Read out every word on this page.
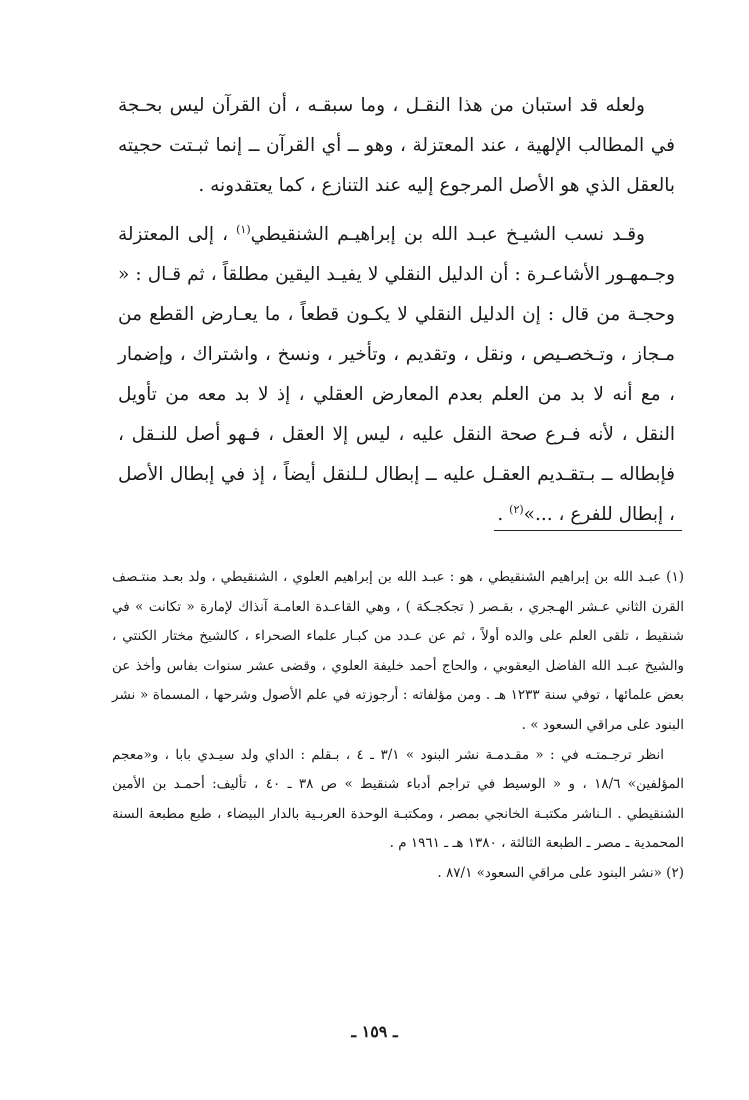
ولعله قد استبان من هذا النقـل ، وما سبقـه ، أن القرآن ليس بحـجة في المطالب الإلهية ، عند المعتزلة ، وهو ــ أي القرآن ــ إنما ثبـتت حجيته بالعقل الذي هو الأصل المرجوع إليه عند التنازع ، كما يعتقدونه .

وقـد نسب الشيـخ عبـد الله بن إبراهيـم الشنقيطي$^{(١)}$ ، إلى المعتزلة وجـمهـور الأشاعـرة : أن الدليل النقلي لا يفيـد اليقين مطلقاً ، ثم قـال : « وحجـة من قال : إن الدليل النقلي لا يكـون قطعاً ، ما يعـارض القطع من مـجاز ، وتـخصـيص ، ونقل ، وتقديم ، وتأخير ، ونسخ ، واشتراك ، وإضمار ، مع أنه لا بد من العلم بعدم المعارض العقلي ، إذ لا بد معه من تأويل النقل ، لأنه فـرع صحة النقل عليه ، ليس إلا العقل ، فـهو أصل للنـقل ، فإبطاله ــ بـتقـديم العقـل عليه ــ إبطال لـلنقل أيضاً ، إذ في إبطال الأصل ، إبطال للفرع ، ...»$^{(٢)}$ .

(١) عبـد الله بن إبراهيم الشنقيطي ، هو : عبـد الله بن إبراهيم العلوي ، الشنقيطي ، ولد بعـد منتـصف القرن الثاني عـشر الهـجري ، بقـصر ( تجكجـكة ) ، وهي القاعـدة العامـة آنذاك لإمارة « تكانت » في شنقيط ، تلقى العلم على والده أولاً ، ثم عن عـدد من كبـار علماء الصحراء ، كالشيخ مختار الكنتي ، والشيخ عبـد الله الفاضل اليعقوبي ، والحاج أحمد خليفة العلوي ، وقضى عشر سنوات بفاس وأخذ عن بعض علمائها ، توفي سنة ١٢٣٣ هـ . ومن مؤلفاته : أرجوزته في علم الأصول وشرحها ، المسماة « نشر البنود على مراقي السعود » .

انظر ترجـمتـه في : « مقـدمـة نشر البنود » ٣/١ ـ ٤ ، بـقلم : الداي ولد سيـدي بابا ، و«معجم المؤلفين» ١٨/٦ ، و « الوسيط في تراجم أدباء شنقيط » ص ٣٨ ـ ٤٠ ، تأليف: أحمـد بن الأمين الشنقيطي . الـناشر مكتبـة الخانجي بمصر ، ومكتبـة الوحدة العربـية بالدار البيضاء ، طبع مطبعة السنة المحمدية ـ مصر ـ الطبعة الثالثة ، ١٣٨٠ هـ ـ ١٩٦١ م .

(٢) «نشر البنود على مراقي السعود» ٨٧/١ .

ـ ١٥٩ ـ
